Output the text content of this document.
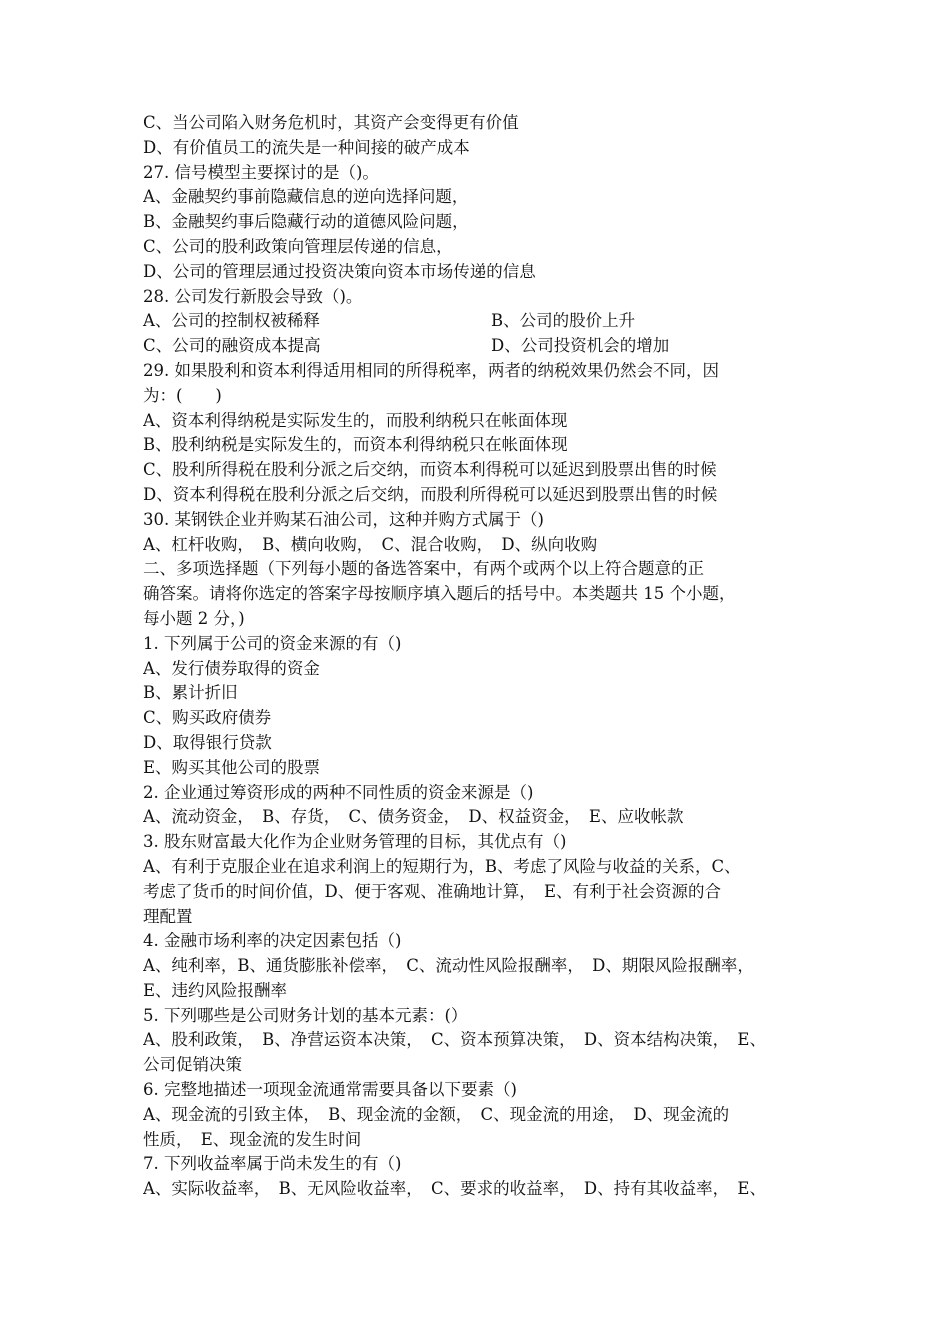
C、当公司陷入财务危机时，其资产会变得更有价值
D、有价值员工的流失是一种间接的破产成本
27. 信号模型主要探讨的是（)。
A、金融契约事前隐藏信息的逆向选择问题，
B、金融契约事后隐藏行动的道德风险问题，
C、公司的股利政策向管理层传递的信息，
D、公司的管理层通过投资决策向资本市场传递的信息
28. 公司发行新股会导致（)。
A、公司的控制权被稀释	B、公司的股价上升
C、公司的融资成本提高	D、公司投资机会的增加
29. 如果股利和资本利得适用相同的所得税率，两者的纳税效果仍然会不同，因
为：(　　)
A、资本利得纳税是实际发生的，而股利纳税只在帐面体现
B、股利纳税是实际发生的，而资本利得纳税只在帐面体现
C、股利所得税在股利分派之后交纳，而资本利得税可以延迟到股票出售的时候
D、资本利得税在股利分派之后交纳，而股利所得税可以延迟到股票出售的时候
30. 某钢铁企业并购某石油公司，这种并购方式属于（)
A、杠杆收购，　B、横向收购，　C、混合收购，　D、纵向收购
二、多项选择题（下列每小题的备选答案中，有两个或两个以上符合题意的正
确答案。请将你选定的答案字母按顺序填入题后的括号中。本类题共 15 个小题，
每小题 2 分，)
1. 下列属于公司的资金来源的有（)
A、发行债券取得的资金
B、累计折旧
C、购买政府债券
D、取得银行贷款
E、购买其他公司的股票
2. 企业通过筹资形成的两种不同性质的资金来源是（)
A、流动资金，　B、存货，　C、债务资金，　D、权益资金，　E、应收帐款
3. 股东财富最大化作为企业财务管理的目标，其优点有（)
A、有利于克服企业在追求利润上的短期行为，B、考虑了风险与收益的关系，C、
考虑了货币的时间价值，D、便于客观、准确地计算，　E、有利于社会资源的合
理配置
4. 金融市场利率的决定因素包括（)
A、纯利率，B、通货膨胀补偿率，　C、流动性风险报酬率，　D、期限风险报酬率，
E、违约风险报酬率
5. 下列哪些是公司财务计划的基本元素：(）
A、股利政策，　B、净营运资本决策，　C、资本预算决策，　D、资本结构决策，　E、
公司促销决策
6. 完整地描述一项现金流通常需要具备以下要素（)
A、现金流的引致主体，　B、现金流的金额，　C、现金流的用途，　D、现金流的
性质，　E、现金流的发生时间
7. 下列收益率属于尚未发生的有（)
A、实际收益率，　B、无风险收益率，　C、要求的收益率，　D、持有其收益率，　E、
